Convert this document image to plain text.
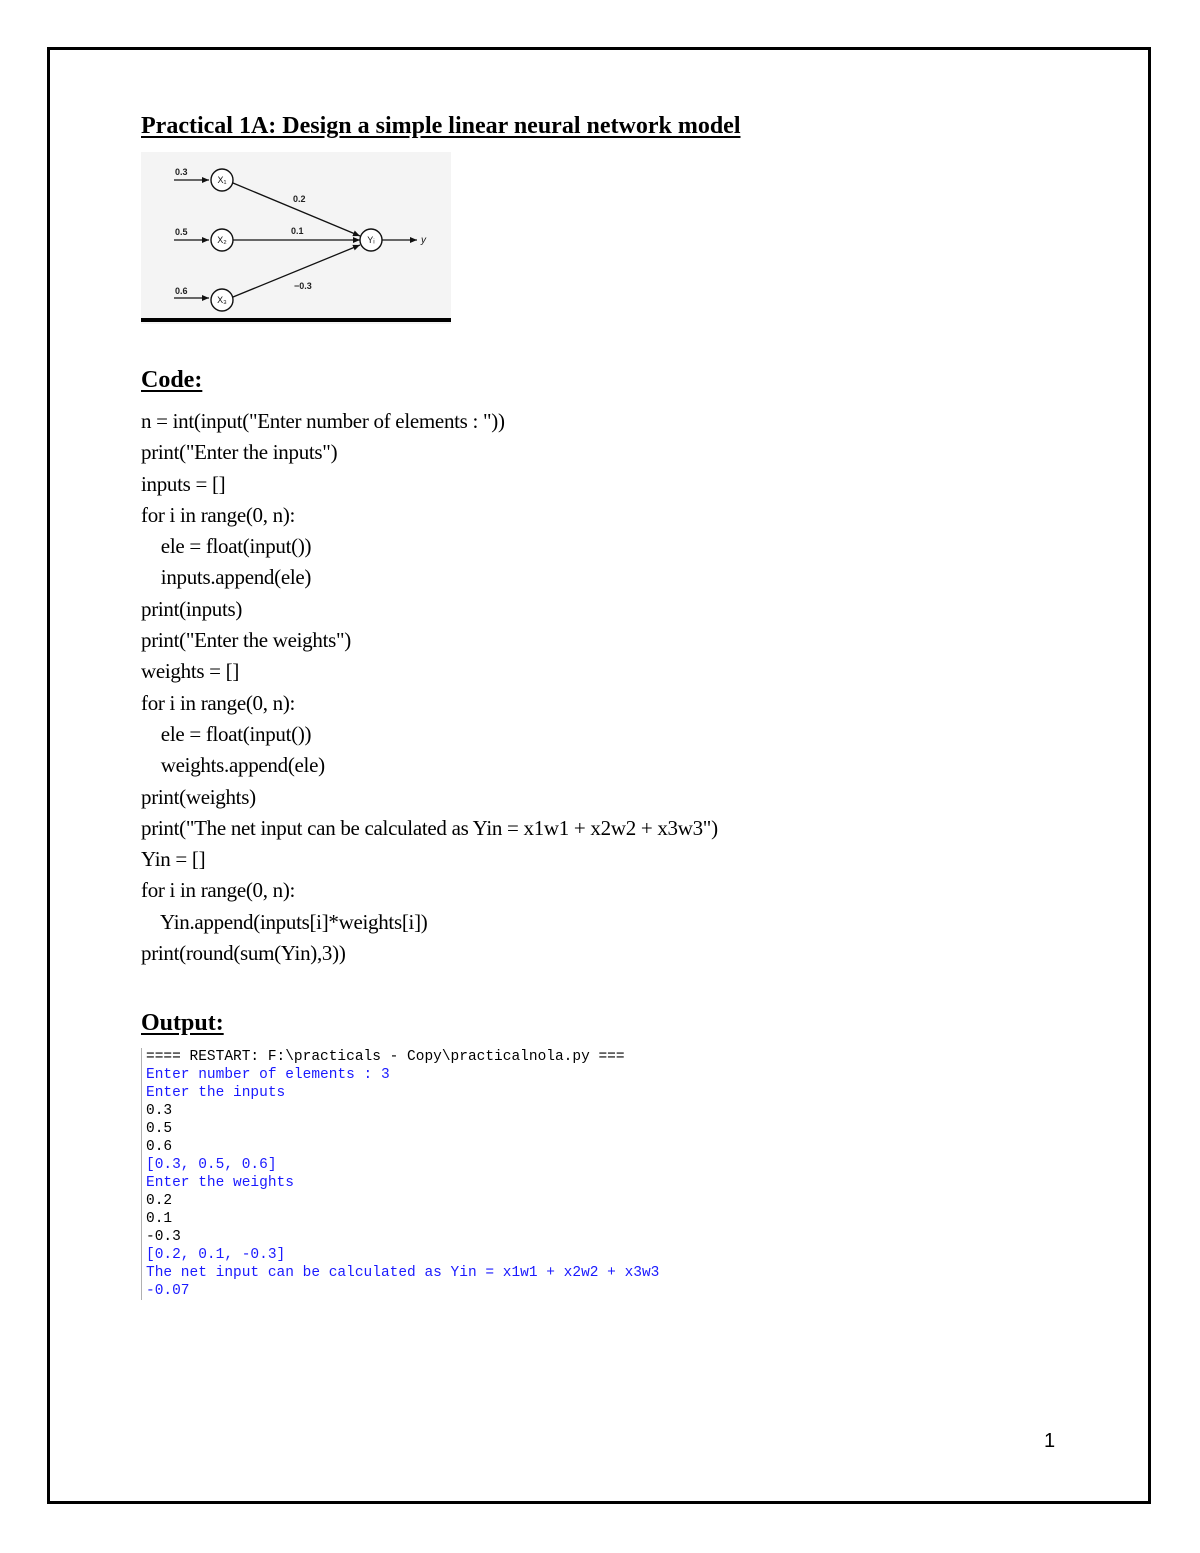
Practical 1A: Design a simple linear neural network model
0.3
0.5
0.6
X₁
X₂
X₃
0.2
0.1
−0.3
Yᵢ	y
Code:
n = int(input("Enter number of elements : "))
print("Enter the inputs")
inputs = []
for i in range(0, n):
ele = float(input())
inputs.append(ele)
print(inputs)
print("Enter the weights")
weights = []
for i in range(0, n):
ele = float(input())
weights.append(ele)
print(weights)
print("The net input can be calculated as Yin = x1w1 + x2w2 + x3w3")
Yin = []
for i in range(0, n):
Yin.append(inputs[i]*weights[i])
print(round(sum(Yin),3))
Output:
==== RESTART: F:\practicals - Copy\practicalnola.py ===
Enter number of elements : 3
Enter the inputs
0.3
0.5
0.6
[0.3, 0.5, 0.6]
Enter the weights
0.2
0.1
-0.3
[0.2, 0.1, -0.3]
The net input can be calculated as Yin = x1w1 + x2w2 + x3w3
-0.07
1
